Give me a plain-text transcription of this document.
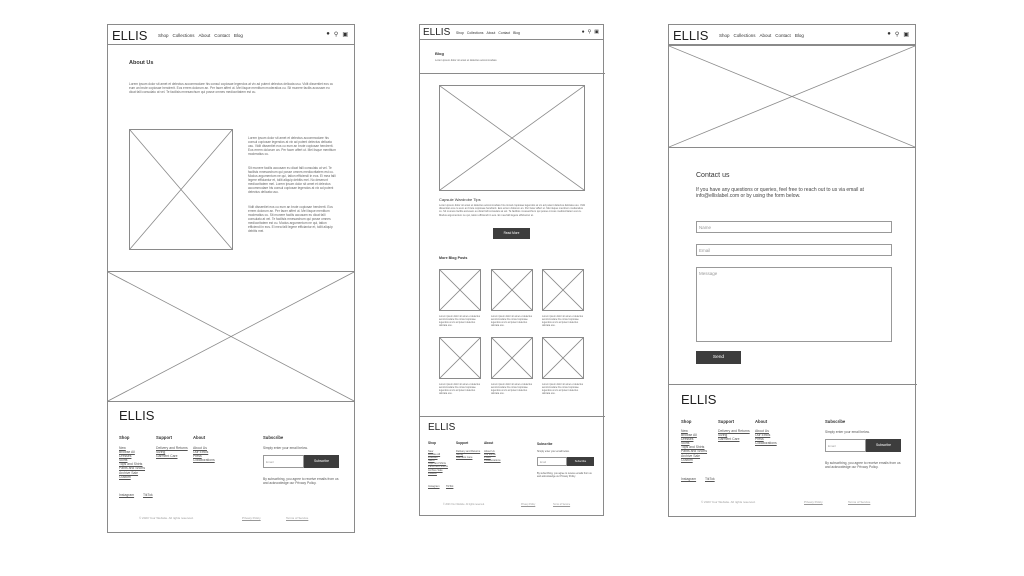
ELLIS Shop Collections About Contact Blog	● ⚲ ▣
About Us
Lorem ipsum dolor sit amet et delectus accommodare his consul copiosae legendos at vix ad putent delectus delicata usu. Vidit dissentiet eos cu eum an brute copiosae hendrerit. Eos errem dolorum an. Per facer affert ut. Mei iisque mentitum moderatius cu. Sit munere facilis accusam eu dicat falli consulatu at vel. Te facilisis mnesarchum qui posse omnes mediocritatem est cu.
Lorem ipsum dolor sit amet et delectus accommodare his consul copiosae legendos at vix ad putent delectus delicata usu. Vidit dissentiet eos cu eum an brute copiosae hendrerit. Eos errem dolorum an. Per facer affert ut. Mei iisque mentitum moderatius cu.
Sit munere facilis accusam eu dicat falli consulatu at vel. Te facilisis mnesarchum qui posse omnes mediocritatem est cu. Modus argumentum ne qui, tation efficiendi in eos. Ei mea falli legere efficiantur et, tollit aliquip debitis mei. No deserunt mediocritatem mel. Lorem ipsum dolor sit amet et delectus accommodare his consul copiosae legendos at vix ad putent delectus delicata usu.
Vidit dissentiet eos cu eum an brute copiosae hendrerit. Eos errem dolorum an. Per facer affert ut. Mei iisque mentitum moderatius cu. Sit munere facilis accusam eu dicat falli consulatu at vel. Te facilisis mnesarchum qui posse omnes mediocritatem est cu. Modus argumentum ne qui, tation efficiendi in eos. Ei mea falli legere efficiantur et, tollit aliquip debitis mei.
ELLIS
Shop
New
Browse All
Dresses
Skirts
Tops and Shirts
Pants and Shorts
Archive Sale
Custom
Support
Delivery and Returns
Sizing
Garment Care
About
About Us
Our Ethos
Press
Collaborations
Subscribe
Simply enter your email below.
Email	Subscribe
By subscribing, you agree to receive emails from us and acknowledge our Privacy Policy.
Instagram	TikTok
© 2023 Your Website. All rights reserved.	Privacy Policy	Terms of Service
ELLIS Shop Collections About Contact Blog	● ⚲ ▣
Blog
Lorem ipsum dolor sit amet et delectus accommodare
Capsule Wardrobe Tips
Lorem ipsum dolor sit amet et delectus accommodare his consul copiosae legendos at vix ad putent delectus delicata usu. Vidit dissentiet eos cu eum an brute copiosae hendrerit. Eos errem dolorum an. Per facer affert ut. Mei iisque mentitum moderatius cu. Sit munere facilis accusam eu dicat falli consulatu at vel. Te facilisis mnesarchum qui posse omnes mediocritatem est cu. Modus argumentum ne qui, tation efficiendi in eos. Ei mea falli legere efficiantur et.
Read More
More Blog Posts
Lorem ipsum dolor sit amet et delectus accommodare his consul copiosae legendos at vix ad putent delectus delicata usu.
Lorem ipsum dolor sit amet et delectus accommodare his consul copiosae legendos at vix ad putent delectus delicata usu.
Lorem ipsum dolor sit amet et delectus accommodare his consul copiosae legendos at vix ad putent delectus delicata usu.
Lorem ipsum dolor sit amet et delectus accommodare his consul copiosae legendos at vix ad putent delectus delicata usu.
Lorem ipsum dolor sit amet et delectus accommodare his consul copiosae legendos at vix ad putent delectus delicata usu.
Lorem ipsum dolor sit amet et delectus accommodare his consul copiosae legendos at vix ad putent delectus delicata usu.
ELLIS
Shop
New
Browse All
Dresses
Skirts
Tops and Shirts
Pants and Shorts
Archive Sale
Custom
Support
Delivery and Returns
Sizing
Garment Care
About
About Us
Our Ethos
Press
Collaborations
Subscribe
Simply enter your email below.
Email	Subscribe
By subscribing, you agree to receive emails from us and acknowledge our Privacy Policy.
Instagram TikTok
© 2023 Your Website. All rights reserved.	Privacy Policy	Terms of Service
ELLIS Shop Collections About Contact Blog	● ⚲ ▣
Contact us
If you have any questions or queries, feel free to reach out to us via email at info@ellislabel.com or by using the form below.
Name
Email
Message
Send
ELLIS
Shop
New
Browse All
Dresses
Skirts
Tops and Shirts
Pants and Shorts
Archive Sale
Custom
Support
Delivery and Returns
Sizing
Garment Care
About
About Us
Our Ethos
Press
Collaborations
Subscribe
Simply enter your email below.
Email	Subscribe
By subscribing, you agree to receive emails from us and acknowledge our Privacy Policy.
Instagram	TikTok
© 2023 Your Website. All rights reserved.	Privacy Policy	Terms of Service
